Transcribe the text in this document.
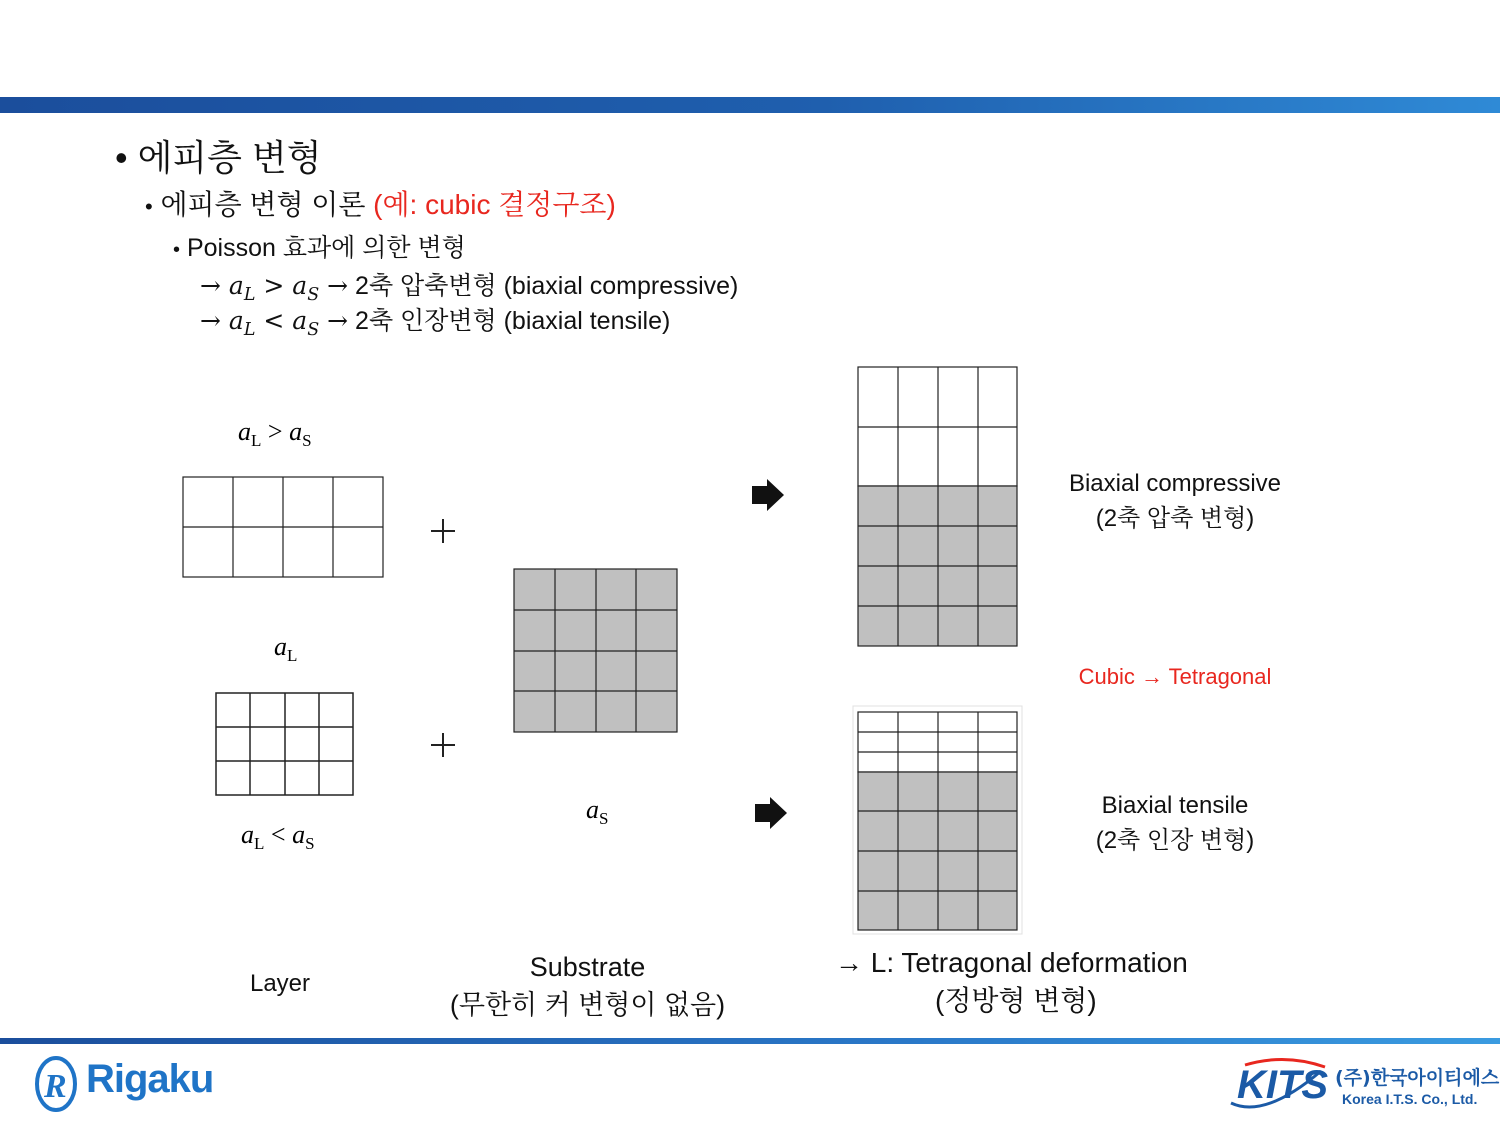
• 에피층 변형
• 에피층 변형 이론 (예: cubic 결정구조)
• Poisson 효과에 의한 변형
→ $a_L > a_S \to 2$축 압축변형 (biaxial compressive)
→ $a_L < a_S \to 2$축 인장변형 (biaxial tensile)
$a_L > a_S$
$a_L$
$a_L < a_S$
$a_S$
Biaxial compressive
(2축 압축 변형)
Cubic → Tetragonal
Biaxial tensile
(2축 인장 변형)
Layer
Substrate
(무한히 커 변형이 없음)
→ L: Tetragonal deformation
(정방형 변형)
R Rigaku	KITS (주)한국아이티에스
Korea I.T.S. Co., Ltd.
